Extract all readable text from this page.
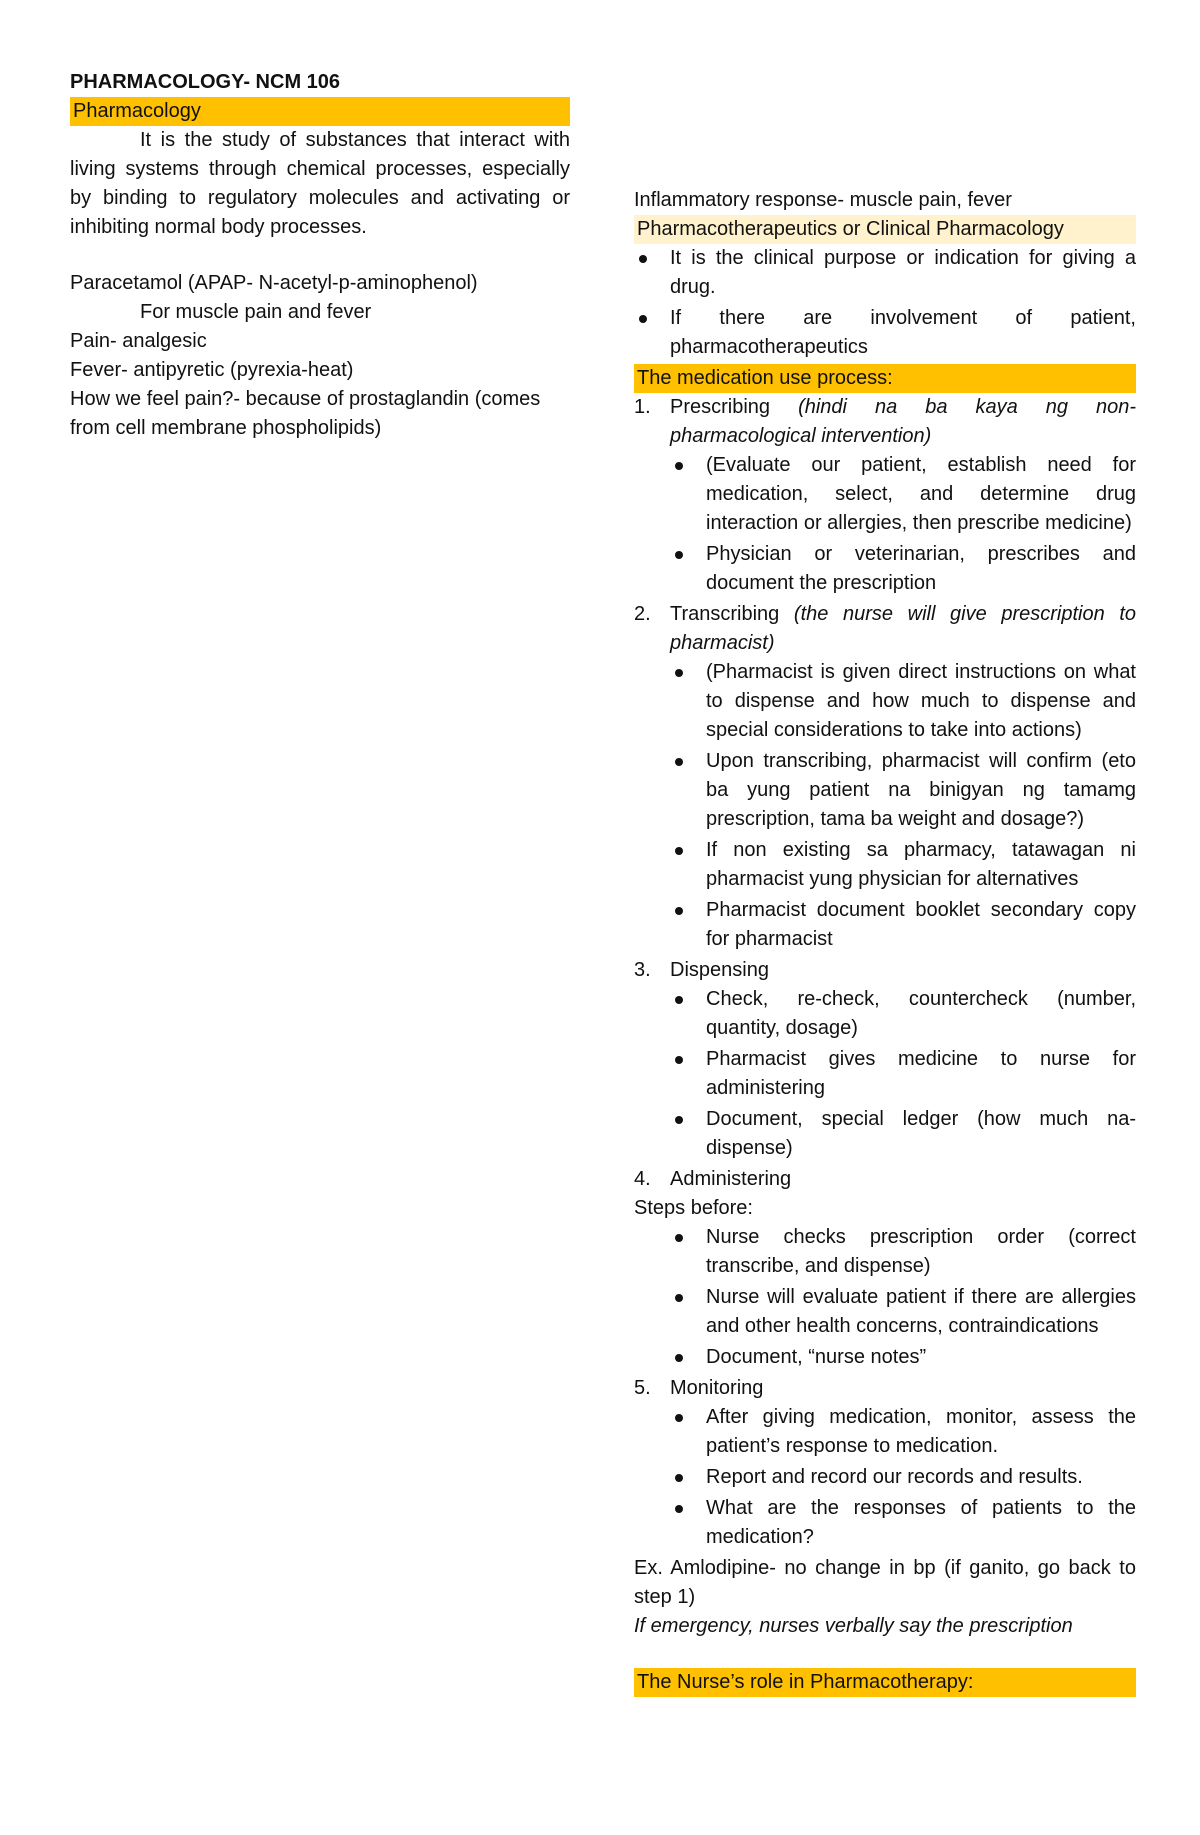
PHARMACOLOGY- NCM 106

Pharmacology

It is the study of substances that interact with living systems through chemical processes, especially by binding to regulatory molecules and activating or inhibiting normal body processes.

Paracetamol (APAP- N-acetyl-p-aminophenol)

For muscle pain and fever

Pain- analgesic

Fever- antipyretic (pyrexia-heat)

How we feel pain?- because of prostaglandin (comes from cell membrane phospholipids)

Inflammatory response- muscle pain, fever

Pharmacotherapeutics or Clinical Pharmacology

It is the clinical purpose or indication for giving a drug.
If there are involvement of patient, pharmacotherapeutics

The medication use process:

1. Prescribing (hindi na ba kaya ng non-pharmacological intervention)
(Evaluate our patient, establish need for medication, select, and determine drug interaction or allergies, then prescribe medicine)
Physician or veterinarian, prescribes and document the prescription
2. Transcribing (the nurse will give prescription to pharmacist)
(Pharmacist is given direct instructions on what to dispense and how much to dispense and special considerations to take into actions)
Upon transcribing, pharmacist will confirm (eto ba yung patient na binigyan ng tamamg prescription, tama ba weight and dosage?)
If non existing sa pharmacy, tatawagan ni pharmacist yung physician for alternatives
Pharmacist document booklet secondary copy for pharmacist
3. Dispensing
Check, re-check, countercheck (number, quantity, dosage)
Pharmacist gives medicine to nurse for administering
Document, special ledger (how much na-dispense)
4. Administering

Steps before:

Nurse checks prescription order (correct transcribe, and dispense)
Nurse will evaluate patient if there are allergies and other health concerns, contraindications
Document, “nurse notes”
5. Monitoring
After giving medication, monitor, assess the patient’s response to medication.
Report and record our records and results.
What are the responses of patients to the medication?

Ex. Amlodipine- no change in bp (if ganito, go back to step 1)

If emergency, nurses verbally say the prescription

The Nurse’s role in Pharmacotherapy:
